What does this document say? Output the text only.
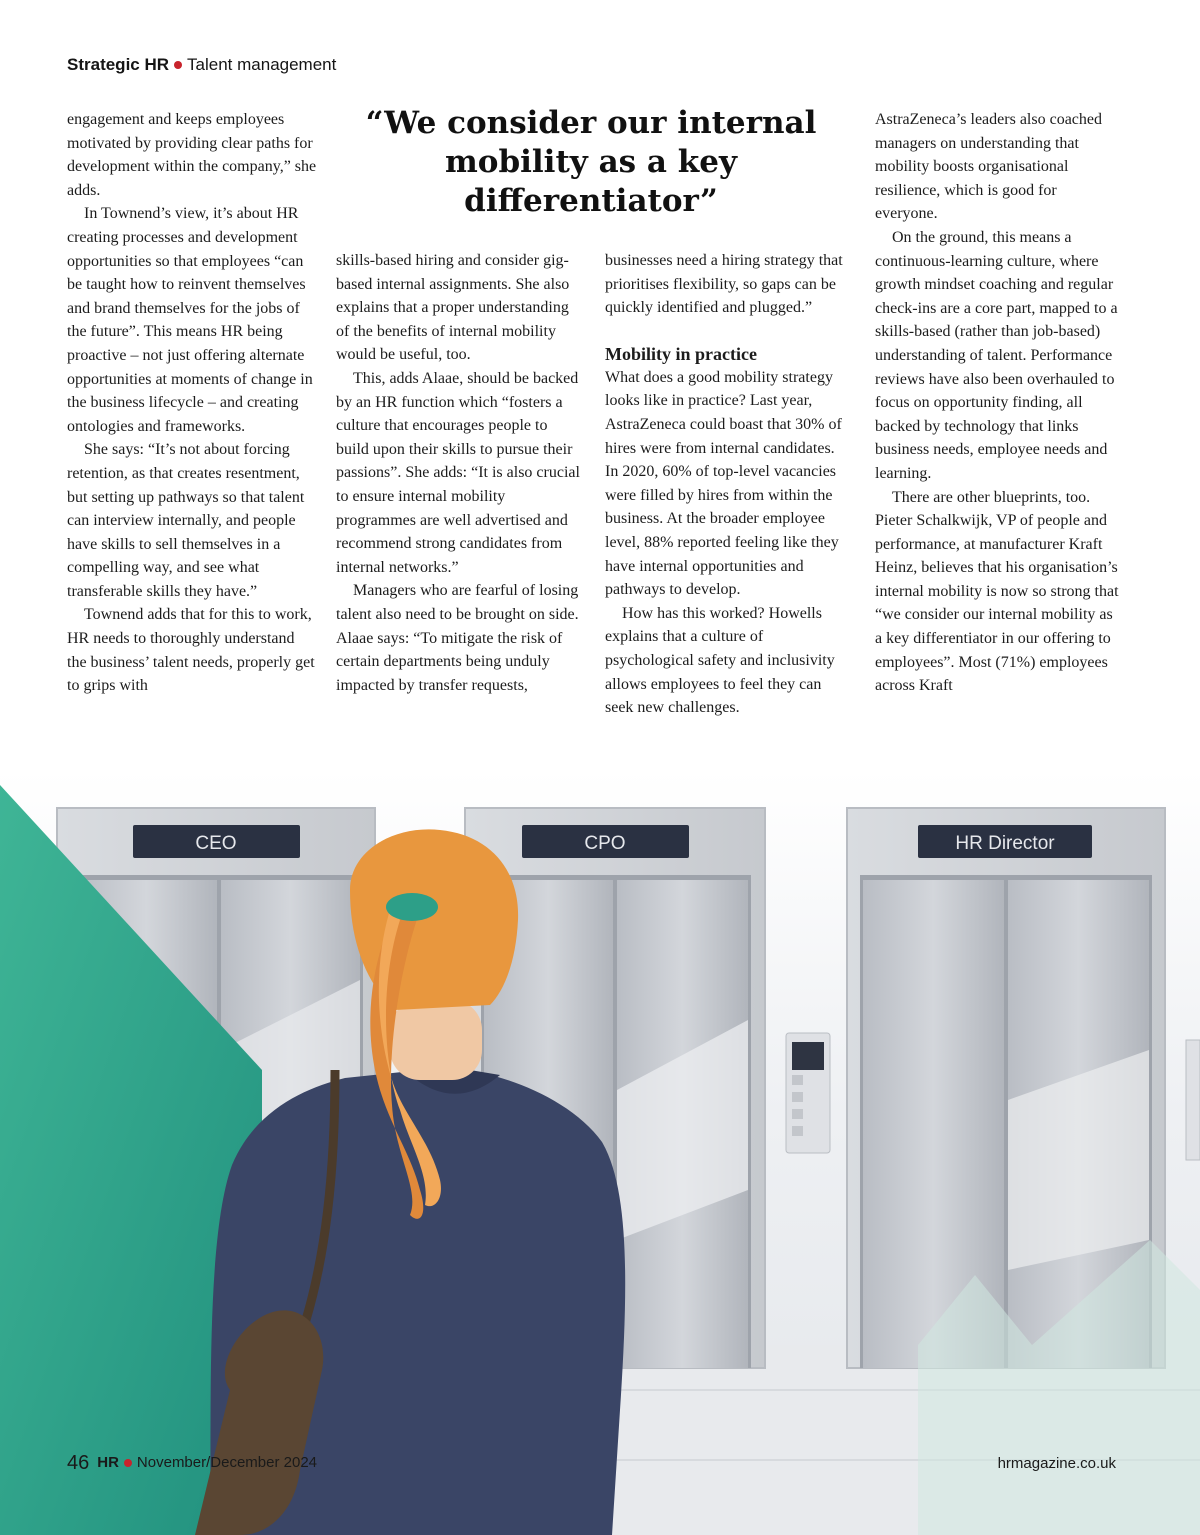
Strategic HR Talent management

engagement and keeps employees motivated by providing clear paths for development within the company,” she adds.

In Townend’s view, it’s about HR creating processes and development opportunities so that employees “can be taught how to reinvent themselves and brand themselves for the jobs of the future”. This means HR being proactive – not just offering alternate opportunities at moments of change in the business lifecycle – and creating ontologies and frameworks.

She says: “It’s not about forcing retention, as that creates resentment, but setting up pathways so that talent can interview internally, and people have skills to sell themselves in a compelling way, and see what transferable skills they have.”

Townend adds that for this to work, HR needs to thoroughly understand the business’ talent needs, properly get to grips with

“We consider our internal mobility as a key differentiator”

skills-based hiring and consider gig-based internal assignments. She also explains that a proper understanding of the benefits of internal mobility would be useful, too.

This, adds Alaae, should be backed by an HR function which “fosters a culture that encourages people to build upon their skills to pursue their passions”. She adds: “It is also crucial to ensure internal mobility programmes are well advertised and recommend strong candidates from internal networks.”

Managers who are fearful of losing talent also need to be brought on side. Alaae says: “To mitigate the risk of certain departments being unduly impacted by transfer requests,

businesses need a hiring strategy that prioritises flexibility, so gaps can be quickly identified and plugged.”

Mobility in practice

What does a good mobility strategy looks like in practice? Last year, AstraZeneca could boast that 30% of hires were from internal candidates. In 2020, 60% of top-level vacancies were filled by hires from within the business. At the broader employee level, 88% reported feeling like they have internal opportunities and pathways to develop.

How has this worked? Howells explains that a culture of psychological safety and inclusivity allows employees to feel they can seek new challenges.

AstraZeneca’s leaders also coached managers on understanding that mobility boosts organisational resilience, which is good for everyone.

On the ground, this means a continuous-learning culture, where growth mindset coaching and regular check-ins are a core part, mapped to a skills-based (rather than job-based) understanding of talent. Performance reviews have also been overhauled to focus on opportunity finding, all backed by technology that links business needs, employee needs and learning.

There are other blueprints, too. Pieter Schalkwijk, VP of people and performance, at manufacturer Kraft Heinz, believes that his organisation’s internal mobility is now so strong that “we consider our internal mobility as a key differentiator in our offering to employees”. Most (71%) employees across Kraft

CEO	CPO	HR Director
46 HR November/December 2024	hrmagazine.co.uk
